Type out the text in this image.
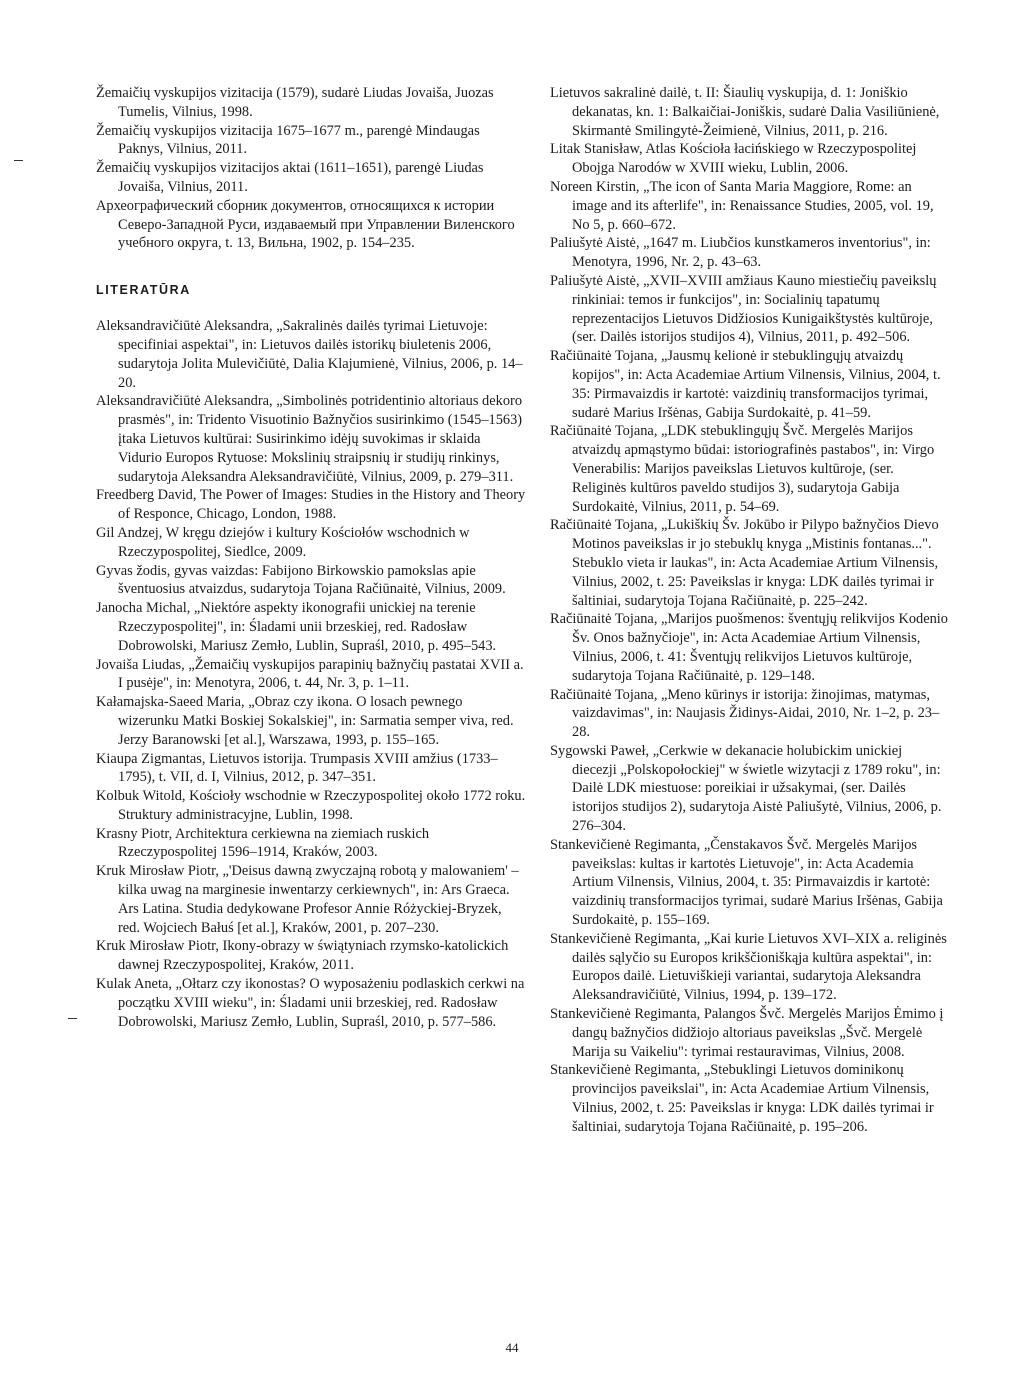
Žemaičių vyskupijos vizitacija (1579), sudarė Liudas Jovaiša, Juozas Tumelis, Vilnius, 1998.

Žemaičių vyskupijos vizitacija 1675–1677 m., parengė Mindaugas Paknys, Vilnius, 2011.

Žemaičių vyskupijos vizitacijos aktai (1611–1651), parengė Liudas Jovaiša, Vilnius, 2011.

Археографический сборник документов, относящихся к истории Северо-Западной Руси, издаваемый при Управлении Виленского учебного округа, t. 13, Вильна, 1902, p. 154–235.

LITERATŪRA

Aleksandravičiūtė Aleksandra, „Sakralinės dailės tyrimai Lietuvoje: specifiniai aspektai", in: Lietuvos dailės istorikų biuletenis 2006, sudarytoja Jolita Mulevičiūtė, Dalia Klajumienė, Vilnius, 2006, p. 14–20.

Aleksandravičiūtė Aleksandra, „Simbolinės potridentinio altoriaus dekoro prasmės", in: Tridento Visuotinio Bažnyčios susirinkimo (1545–1563) įtaka Lietuvos kultūrai: Susirinkimo idėjų suvokimas ir sklaida Vidurio Europos Rytuose: Mokslinių straipsnių ir studijų rinkinys, sudarytoja Aleksandra Aleksandravičiūtė, Vilnius, 2009, p. 279–311.

Freedberg David, The Power of Images: Studies in the History and Theory of Responce, Chicago, London, 1988.

Gil Andzej, W kręgu dziejów i kultury Kościołów wschodnich w Rzeczypospolitej, Siedlce, 2009.

Gyvas žodis, gyvas vaizdas: Fabijono Birkowskio pamokslas apie šventuosius atvaizdus, sudarytoja Tojana Račiūnaitė, Vilnius, 2009.

Janocha Michal, „Niektóre aspekty ikonografii unickiej na terenie Rzeczypospolitej", in: Śladami unii brzeskiej, red. Radosław Dobrowolski, Mariusz Zemło, Lublin, Supraśl, 2010, p. 495–543.

Jovaiša Liudas, „Žemaičių vyskupijos parapinių bažnyčių pastatai XVII a. I pusėje", in: Menotyra, 2006, t. 44, Nr. 3, p. 1–11.

Kałamajska-Saeed Maria, „Obraz czy ikona. O losach pewnego wizerunku Matki Boskiej Sokalskiej", in: Sarmatia semper viva, red. Jerzy Baranowski [et al.], Warszawa, 1993, p. 155–165.

Kiaupa Zigmantas, Lietuvos istorija. Trumpasis XVIII amžius (1733–1795), t. VII, d. I, Vilnius, 2012, p. 347–351.

Kolbuk Witold, Kościoły wschodnie w Rzeczypospolitej około 1772 roku. Struktury administracyjne, Lublin, 1998.

Krasny Piotr, Architektura cerkiewna na ziemiach ruskich Rzeczypospolitej 1596–1914, Kraków, 2003.

Kruk Mirosław Piotr, „'Deisus dawną zwyczajną robotą y malowaniem' – kilka uwag na marginesie inwentarzy cerkiewnych", in: Ars Graeca. Ars Latina. Studia dedykowane Profesor Annie Różyckiej-Bryzek, red. Wojciech Bałuś [et al.], Kraków, 2001, p. 207–230.

Kruk Mirosław Piotr, Ikony-obrazy w świątyniach rzymsko-katolickich dawnej Rzeczypospolitej, Kraków, 2011.

Kulak Aneta, „Ołtarz czy ikonostas? O wyposażeniu podlaskich cerkwi na początku XVIII wieku", in: Śladami unii brzeskiej, red. Radosław Dobrowolski, Mariusz Zemło, Lublin, Supraśl, 2010, p. 577–586.

Lietuvos sakralinė dailė, t. II: Šiaulių vyskupija, d. 1: Joniškio dekanatas, kn. 1: Balkaičiai-Joniškis, sudarė Dalia Vasiliūnienė, Skirmantė Smilingytė-Žeimienė, Vilnius, 2011, p. 216.

Litak Stanisław, Atlas Kościoła łacińskiego w Rzeczypospolitej Obojga Narodów w XVIII wieku, Lublin, 2006.

Noreen Kirstin, „The icon of Santa Maria Maggiore, Rome: an image and its afterlife", in: Renaissance Studies, 2005, vol. 19, No 5, p. 660–672.

Paliušytė Aistė, „1647 m. Liubčios kunstkameros inventorius", in: Menotyra, 1996, Nr. 2, p. 43–63.

Paliušytė Aistė, „XVII–XVIII amžiaus Kauno miestiečių paveikslų rinkiniai: temos ir funkcijos", in: Socialinių tapatumų reprezentacijos Lietuvos Didžiosios Kunigaikštystės kultūroje, (ser. Dailės istorijos studijos 4), Vilnius, 2011, p. 492–506.

Račiūnaitė Tojana, „Jausmų kelionė ir stebuklingųjų atvaizdų kopijos", in: Acta Academiae Artium Vilnensis, Vilnius, 2004, t. 35: Pirmavaizdis ir kartotė: vaizdinių transformacijos tyrimai, sudarė Marius Iršėnas, Gabija Surdokaitė, p. 41–59.

Račiūnaitė Tojana, „LDK stebuklingųjų Švč. Mergelės Marijos atvaizdų apmąstymo būdai: istoriografinės pastabos", in: Virgo Venerabilis: Marijos paveikslas Lietuvos kultūroje, (ser. Religinės kultūros paveldo studijos 3), sudarytoja Gabija Surdokaitė, Vilnius, 2011, p. 54–69.

Račiūnaitė Tojana, „Lukiškių Šv. Jokūbo ir Pilypo bažnyčios Dievo Motinos paveikslas ir jo stebuklų knyga „Mistinis fontanas...". Stebuklo vieta ir laukas", in: Acta Academiae Artium Vilnensis, Vilnius, 2002, t. 25: Paveikslas ir knyga: LDK dailės tyrimai ir šaltiniai, sudarytoja Tojana Račiūnaitė, p. 225–242.

Račiūnaitė Tojana, „Marijos puošmenos: šventųjų relikvijos Kodenio Šv. Onos bažnyčioje", in: Acta Academiae Artium Vilnensis, Vilnius, 2006, t. 41: Šventųjų relikvijos Lietuvos kultūroje, sudarytoja Tojana Račiūnaitė, p. 129–148.

Račiūnaitė Tojana, „Meno kūrinys ir istorija: žinojimas, matymas, vaizdavimas", in: Naujasis Židinys-Aidai, 2010, Nr. 1–2, p. 23–28.

Sygowski Paweł, „Cerkwie w dekanacie holubickim unickiej diecezji „Polskopołockiej" w świetle wizytacji z 1789 roku", in: Dailė LDK miestuose: poreikiai ir užsakymai, (ser. Dailės istorijos studijos 2), sudarytoja Aistė Paliušytė, Vilnius, 2006, p. 276–304.

Stankevičienė Regimanta, „Čenstakavos Švč. Mergelės Marijos paveikslas: kultas ir kartotės Lietuvoje", in: Acta Academia Artium Vilnensis, Vilnius, 2004, t. 35: Pirmavaizdis ir kartotė: vaizdinių transformacijos tyrimai, sudarė Marius Iršėnas, Gabija Surdokaitė, p. 155–169.

Stankevičienė Regimanta, „Kai kurie Lietuvos XVI–XIX a. religinės dailės sąlyčio su Europos krikščioniškąja kultūra aspektai", in: Europos dailė. Lietuviškieji variantai, sudarytoja Aleksandra Aleksandravičiūtė, Vilnius, 1994, p. 139–172.

Stankevičienė Regimanta, Palangos Švč. Mergelės Marijos Ėmimo į dangų bažnyčios didžiojo altoriaus paveikslas „Švč. Mergelė Marija su Vaikeliu": tyrimai restauravimas, Vilnius, 2008.

Stankevičienė Regimanta, „Stebuklingi Lietuvos dominikonų provincijos paveikslai", in: Acta Academiae Artium Vilnensis, Vilnius, 2002, t. 25: Paveikslas ir knyga: LDK dailės tyrimai ir šaltiniai, sudarytoja Tojana Račiūnaitė, p. 195–206.

44
